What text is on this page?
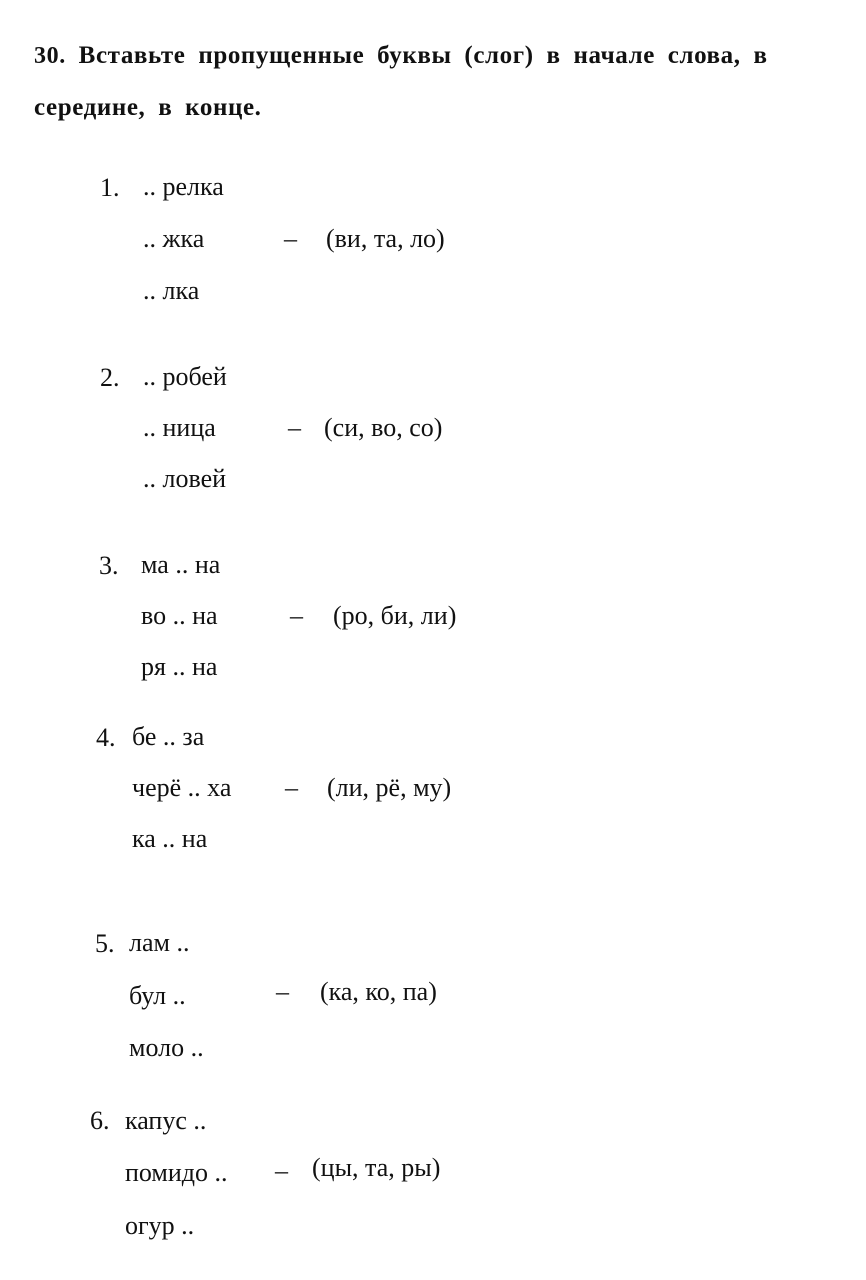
30. Вставьте пропущенные буквы (слог) в начале слова, в середине, в конце.
1. .. релка
.. жка
.. лка
– (ви, та, ло)
2. .. робей
.. ница
.. ловей
– (си, во, со)
3. ма .. на
во .. на
ря .. на
– (ро, би, ли)
4. бе .. за
черё .. ха
ка .. на
– (ли, рё, му)
5. лам ..
бул ..
моло ..
– (ка, ко, па)
6. капус ..
помидо ..
огур ..
– (цы, та, ры)
